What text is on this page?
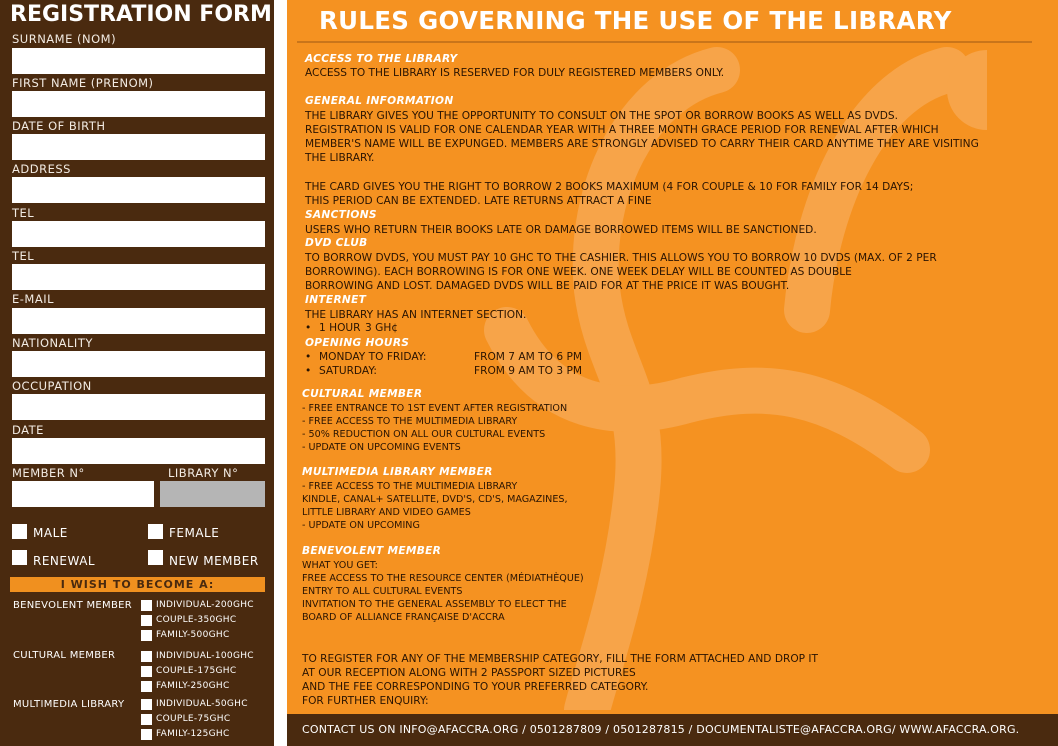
REGISTRATION FORM
SURNAME (NOM)
FIRST NAME (PRENOM)
DATE OF BIRTH
ADDRESS
TEL
TEL
E-MAIL
NATIONALITY
OCCUPATION
DATE
MEMBER N°	LIBRARY N°
MALE	FEMALE
RENEWAL	NEW MEMBER
I WISH TO BECOME A:
BENEVOLENT MEMBER	INDIVIDUAL-200GHC
COUPLE-350GHC
FAMILY-500GHC
CULTURAL MEMBER	INDIVIDUAL-100GHC
COUPLE-175GHC
FAMILY-250GHC
MULTIMEDIA LIBRARY	INDIVIDUAL-50GHC
COUPLE-75GHC
FAMILY-125GHC
RULES GOVERNING THE USE OF THE LIBRARY
ACCESS TO THE LIBRARY
ACCESS TO THE LIBRARY IS RESERVED FOR DULY REGISTERED MEMBERS ONLY.
GENERAL INFORMATION
THE LIBRARY GIVES YOU THE OPPORTUNITY TO CONSULT ON THE SPOT OR BORROW BOOKS AS WELL AS DVDS.
REGISTRATION IS VALID FOR ONE CALENDAR YEAR WITH A THREE MONTH GRACE PERIOD FOR RENEWAL AFTER WHICH
MEMBER'S NAME WILL BE EXPUNGED. MEMBERS ARE STRONGLY ADVISED TO CARRY THEIR CARD ANYTIME THEY ARE VISITING
THE LIBRARY.
THE CARD GIVES YOU THE RIGHT TO BORROW 2 BOOKS MAXIMUM (4 FOR COUPLE & 10 FOR FAMILY FOR 14 DAYS;
THIS PERIOD CAN BE EXTENDED. LATE RETURNS ATTRACT A FINE
SANCTIONS
USERS WHO RETURN THEIR BOOKS LATE OR DAMAGE BORROWED ITEMS WILL BE SANCTIONED.
DVD CLUB
TO BORROW DVDS, YOU MUST PAY 10 GHC TO THE CASHIER. THIS ALLOWS YOU TO BORROW 10 DVDS (MAX. OF 2 PER
BORROWING). EACH BORROWING IS FOR ONE WEEK. ONE WEEK DELAY WILL BE COUNTED AS DOUBLE
BORROWING AND LOST. DAMAGED DVDS WILL BE PAID FOR AT THE PRICE IT WAS BOUGHT.
INTERNET
THE LIBRARY HAS AN INTERNET SECTION.
• 1 HOUR 3 GH¢
OPENING HOURS
• MONDAY TO FRIDAY:	FROM 7 AM TO 6 PM
• SATURDAY:	FROM 9 AM TO 3 PM
CULTURAL MEMBER
- FREE ENTRANCE TO 1ST EVENT AFTER REGISTRATION
- FREE ACCESS TO THE MULTIMEDIA LIBRARY
- 50% REDUCTION ON ALL OUR CULTURAL EVENTS
- UPDATE ON UPCOMING EVENTS
MULTIMEDIA LIBRARY MEMBER
- FREE ACCESS TO THE MULTIMEDIA LIBRARY
KINDLE, CANAL+ SATELLITE, DVD'S, CD'S, MAGAZINES,
LITTLE LIBRARY AND VIDEO GAMES
- UPDATE ON UPCOMING
BENEVOLENT MEMBER
WHAT YOU GET:
FREE ACCESS TO THE RESOURCE CENTER (MÉDIATHÈQUE)
ENTRY TO ALL CULTURAL EVENTS
INVITATION TO THE GENERAL ASSEMBLY TO ELECT THE
BOARD OF ALLIANCE FRANÇAISE D'ACCRA
TO REGISTER FOR ANY OF THE MEMBERSHIP CATEGORY, FILL THE FORM ATTACHED AND DROP IT
AT OUR RECEPTION ALONG WITH 2 PASSPORT SIZED PICTURES
AND THE FEE CORRESPONDING TO YOUR PREFERRED CATEGORY.
FOR FURTHER ENQUIRY:
CONTACT US ON INFO@AFACCRA.ORG / 0501287809 / 0501287815 / DOCUMENTALISTE@AFACCRA.ORG/ WWW.AFACCRA.ORG.
